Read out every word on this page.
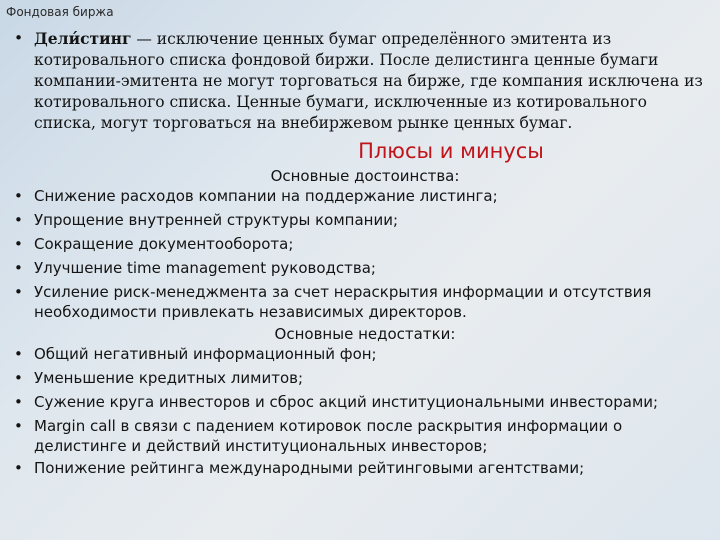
Фондовая биржа
• Дели́стинг — исключение ценных бумаг определённого эмитента из котировального списка фондовой биржи. После делистинга ценные бумаги компании-эмитента не могут торговаться на бирже, где компания исключена из котировального списка. Ценные бумаги, исключенные из котировального списка, могут торговаться на внебиржевом рынке ценных бумаг.
Плюсы и минусы
Основные достоинства:
• Снижение расходов компании на поддержание листинга;
• Упрощение внутренней структуры компании;
• Сокращение документооборота;
• Улучшение time management руководства;
• Усиление риск-менеджмента за счет нераскрытия информации и отсутствия необходимости привлекать независимых директоров.
Основные недостатки:
• Общий негативный информационный фон;
• Уменьшение кредитных лимитов;
• Сужение круга инвесторов и сброс акций институциональными инвесторами;
• Margin call в связи с падением котировок после раскрытия информации о делистинге и действий институциональных инвесторов;
• Понижение рейтинга международными рейтинговыми агентствами;
